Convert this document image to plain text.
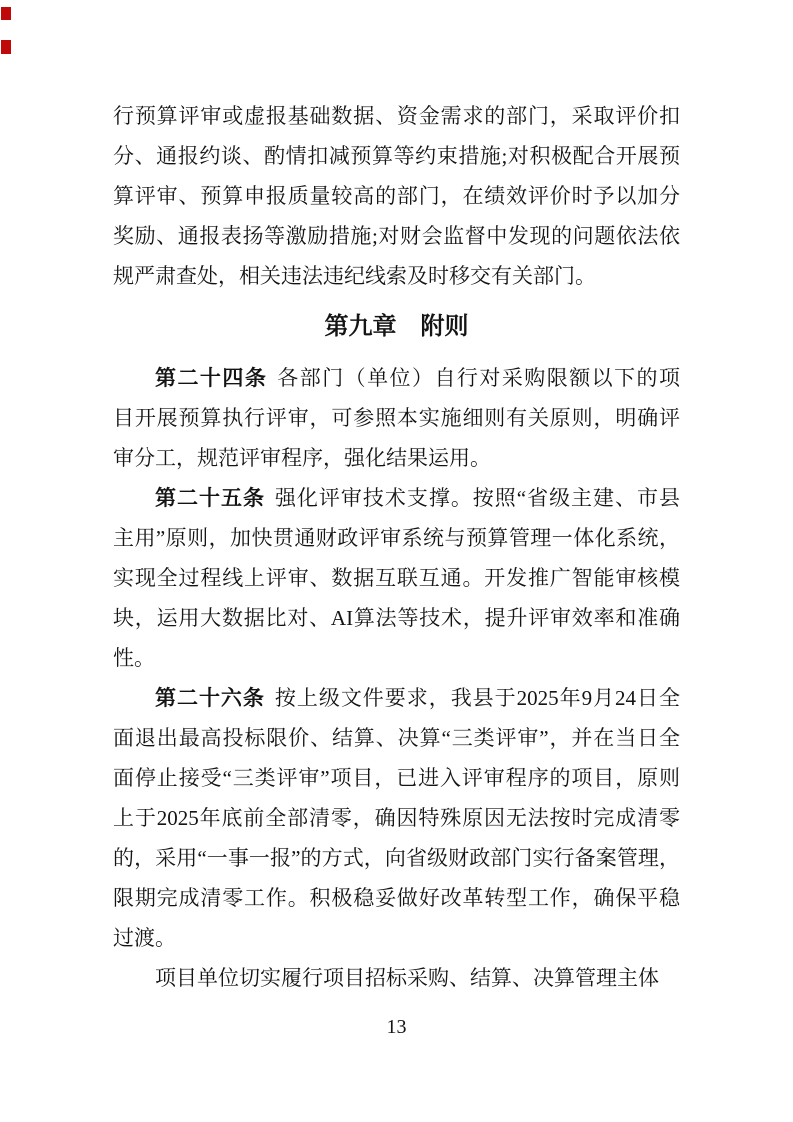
行预算评审或虚报基础数据、资金需求的部门，采取评价扣
分、通报约谈、酌情扣减预算等约束措施;对积极配合开展预
算评审、预算申报质量较高的部门，在绩效评价时予以加分
奖励、通报表扬等激励措施;对财会监督中发现的问题依法依
规严肃查处，相关违法违纪线索及时移交有关部门。
第九章　附则
第二十四条 各部门（单位）自行对采购限额以下的项
目开展预算执行评审，可参照本实施细则有关原则，明确评
审分工，规范评审程序，强化结果运用。
第二十五条 强化评审技术支撑。按照“省级主建、市县
主用”原则，加快贯通财政评审系统与预算管理一体化系统，
实现全过程线上评审、数据互联互通。开发推广智能审核模
块，运用大数据比对、AI算法等技术，提升评审效率和准确
性。
第二十六条 按上级文件要求，我县于2025年9月24日全
面退出最高投标限价、结算、决算“三类评审”，并在当日全
面停止接受“三类评审”项目，已进入评审程序的项目，原则
上于2025年底前全部清零，确因特殊原因无法按时完成清零
的，采用“一事一报”的方式，向省级财政部门实行备案管理，
限期完成清零工作。积极稳妥做好改革转型工作，确保平稳
过渡。
项目单位切实履行项目招标采购、结算、决算管理主体
13
